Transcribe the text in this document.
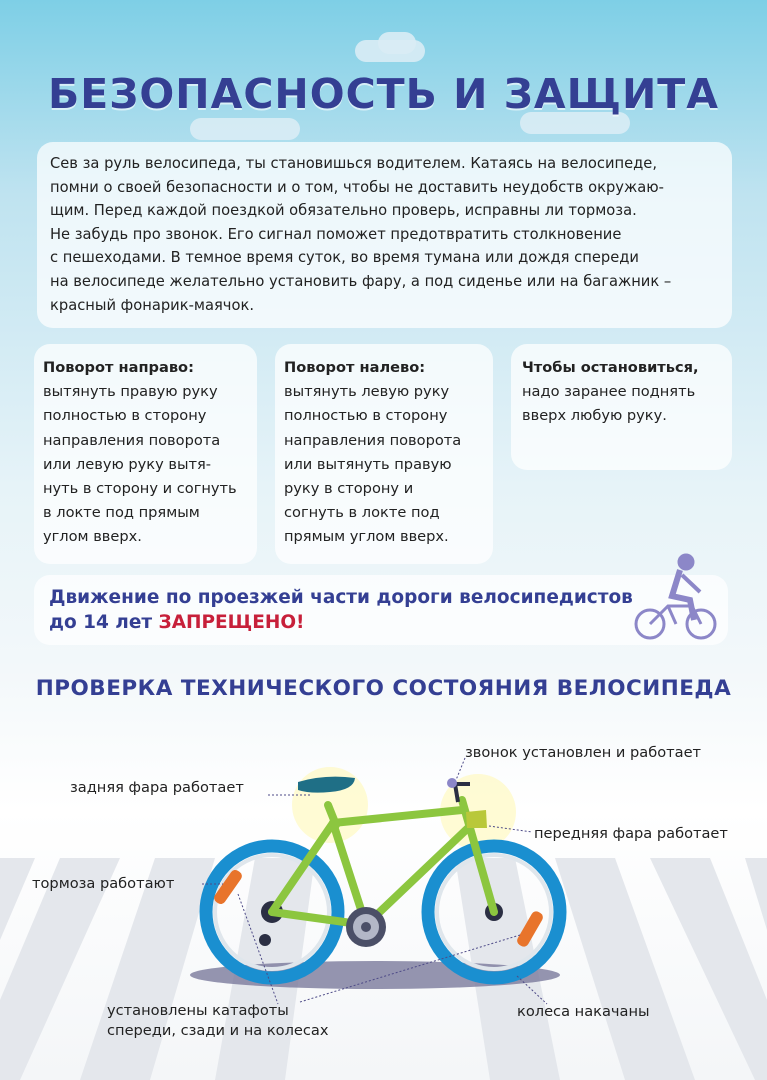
БЕЗОПАСНОСТЬ И ЗАЩИТА
Сев за руль велосипеда, ты становишься водителем. Катаясь на велосипеде,
помни о своей безопасности и о том, чтобы не доставить неудобств окружаю-
щим. Перед каждой поездкой обязательно проверь, исправны ли тормоза.
Не забудь про звонок. Его сигнал поможет предотвратить столкновение
с пешеходами. В темное время суток, во время тумана или дождя спереди
на велосипеде желательно установить фару, а под сиденье или на багажник –
красный фонарик-маячок.
Поворот направо:
вытянуть правую руку
полностью в сторону
направления поворота
или левую руку вытя-
нуть в сторону и согнуть
в локте под прямым
углом вверх.
Поворот налево:
вытянуть левую руку
полностью в сторону
направления поворота
или вытянуть правую
руку в сторону и
согнуть в локте под
прямым углом вверх.
Чтобы остановиться,
надо заранее поднять
вверх любую руку.
Движение по проезжей части дороги велосипедистов
до 14 лет ЗАПРЕЩЕНО!
ПРОВЕРКА ТЕХНИЧЕСКОГО СОСТОЯНИЯ ВЕЛОСИПЕДА
звонок установлен и работает
задняя фара работает
передняя фара работает
тормоза работают
установлены катафоты
спереди, сзади и на колесах
колеса накачаны
